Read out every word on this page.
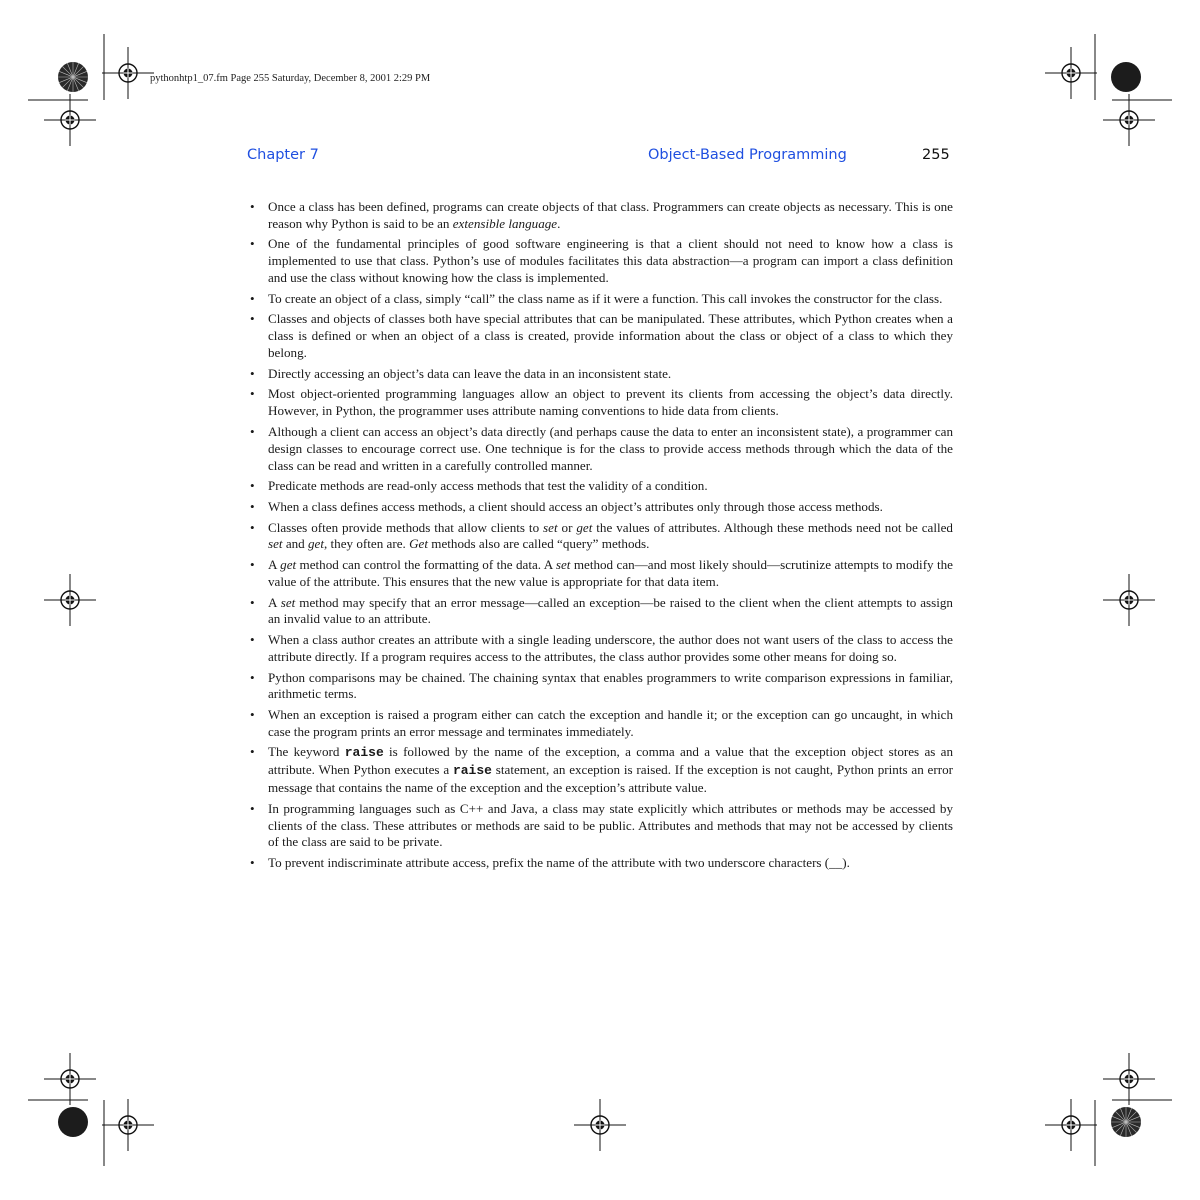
pythonhtp1_07.fm Page 255 Saturday, December 8, 2001 2:29 PM
Chapter 7	Object-Based Programming	255
• Once a class has been defined, programs can create objects of that class. Programmers can create objects as necessary. This is one reason why Python is said to be an extensible language.
• One of the fundamental principles of good software engineering is that a client should not need to know how a class is implemented to use that class. Python’s use of modules facilitates this data abstraction—a program can import a class definition and use the class without knowing how the class is implemented.
• To create an object of a class, simply “call” the class name as if it were a function. This call invokes the constructor for the class.
• Classes and objects of classes both have special attributes that can be manipulated. These attributes, which Python creates when a class is defined or when an object of a class is created, provide information about the class or object of a class to which they belong.
• Directly accessing an object’s data can leave the data in an inconsistent state.
• Most object-oriented programming languages allow an object to prevent its clients from accessing the object’s data directly. However, in Python, the programmer uses attribute naming conventions to hide data from clients.
• Although a client can access an object’s data directly (and perhaps cause the data to enter an inconsistent state), a programmer can design classes to encourage correct use. One technique is for the class to provide access methods through which the data of the class can be read and written in a carefully controlled manner.
• Predicate methods are read-only access methods that test the validity of a condition.
• When a class defines access methods, a client should access an object’s attributes only through those access methods.
• Classes often provide methods that allow clients to set or get the values of attributes. Although these methods need not be called set and get, they often are. Get methods also are called “query” methods.
• A get method can control the formatting of the data. A set method can—and most likely should—scrutinize attempts to modify the value of the attribute. This ensures that the new value is appropriate for that data item.
• A set method may specify that an error message—called an exception—be raised to the client when the client attempts to assign an invalid value to an attribute.
• When a class author creates an attribute with a single leading underscore, the author does not want users of the class to access the attribute directly. If a program requires access to the attributes, the class author provides some other means for doing so.
• Python comparisons may be chained. The chaining syntax that enables programmers to write comparison expressions in familiar, arithmetic terms.
• When an exception is raised a program either can catch the exception and handle it; or the exception can go uncaught, in which case the program prints an error message and terminates immediately.
• The keyword raise is followed by the name of the exception, a comma and a value that the exception object stores as an attribute. When Python executes a raise statement, an exception is raised. If the exception is not caught, Python prints an error message that contains the name of the exception and the exception’s attribute value.
• In programming languages such as C++ and Java, a class may state explicitly which attributes or methods may be accessed by clients of the class. These attributes or methods are said to be public. Attributes and methods that may not be accessed by clients of the class are said to be private.
• To prevent indiscriminate attribute access, prefix the name of the attribute with two underscore characters (__).
